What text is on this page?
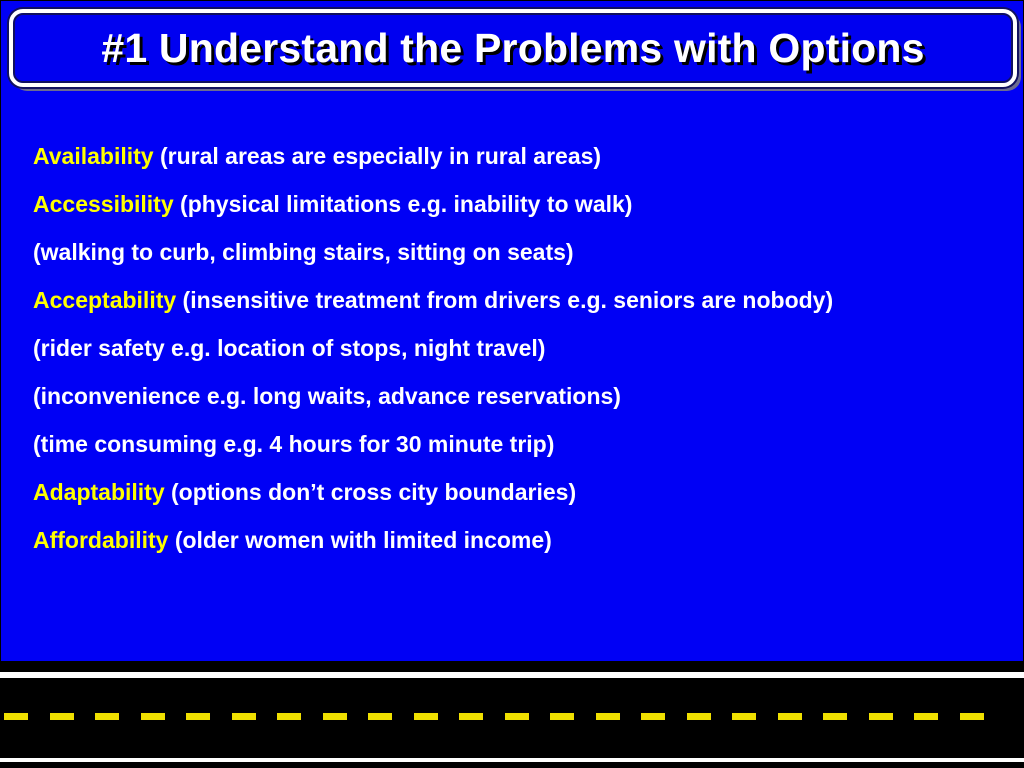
#1 Understand the Problems with Options
Availability (rural areas are especially in rural areas)
Accessibility (physical limitations e.g. inability to walk)
(walking to curb, climbing stairs, sitting on seats)
Acceptability (insensitive treatment from drivers e.g. seniors are nobody)
(rider safety e.g. location of stops, night travel)
(inconvenience e.g. long waits, advance reservations)
(time consuming e.g. 4 hours for 30 minute trip)
Adaptability (options don’t cross city boundaries)
Affordability (older women with limited income)
